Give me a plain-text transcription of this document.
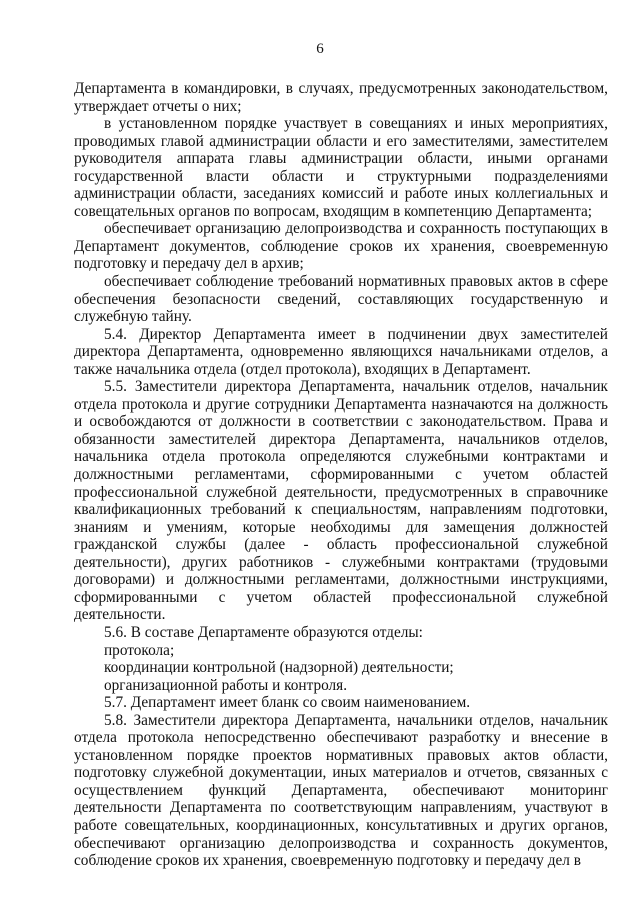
6

Департамента в командировки, в случаях, предусмотренных законодательством, утверждает отчеты о них;

в установленном порядке участвует в совещаниях и иных мероприятиях, проводимых главой администрации области и его заместителями, заместителем руководителя аппарата главы администрации области, иными органами государственной власти области и структурными подразделениями администрации области, заседаниях комиссий и работе иных коллегиальных и совещательных органов по вопросам, входящим в компетенцию Департамента;

обеспечивает организацию делопроизводства и сохранность поступающих в Департамент документов, соблюдение сроков их хранения, своевременную подготовку и передачу дел в архив;

обеспечивает соблюдение требований нормативных правовых актов в сфере обеспечения безопасности сведений, составляющих государственную и служебную тайну.

5.4. Директор Департамента имеет в подчинении двух заместителей директора Департамента, одновременно являющихся начальниками отделов, а также начальника отдела (отдел протокола), входящих в Департамент.

5.5. Заместители директора Департамента, начальник отделов, начальник отдела протокола и другие сотрудники Департамента назначаются на должность и освобождаются от должности в соответствии с законодательством. Права и обязанности заместителей директора Департамента, начальников отделов, начальника отдела протокола определяются служебными контрактами и должностными регламентами, сформированными с учетом областей профессиональной служебной деятельности, предусмотренных в справочнике квалификационных требований к специальностям, направлениям подготовки, знаниям и умениям, которые необходимы для замещения должностей гражданской службы (далее - область профессиональной служебной деятельности), других работников - служебными контрактами (трудовыми договорами) и должностными регламентами, должностными инструкциями, сформированными с учетом областей профессиональной служебной деятельности.

5.6. В составе Департаменте образуются отделы:

протокола;

координации контрольной (надзорной) деятельности;

организационной работы и контроля.

5.7. Департамент имеет бланк со своим наименованием.

5.8. Заместители директора Департамента, начальники отделов, начальник отдела протокола непосредственно обеспечивают разработку и внесение в установленном порядке проектов нормативных правовых актов области, подготовку служебной документации, иных материалов и отчетов, связанных с осуществлением функций Департамента, обеспечивают мониторинг деятельности Департамента по соответствующим направлениям, участвуют в работе совещательных, координационных, консультативных и других органов, обеспечивают организацию делопроизводства и сохранность документов, соблюдение сроков их хранения, своевременную подготовку и передачу дел в
